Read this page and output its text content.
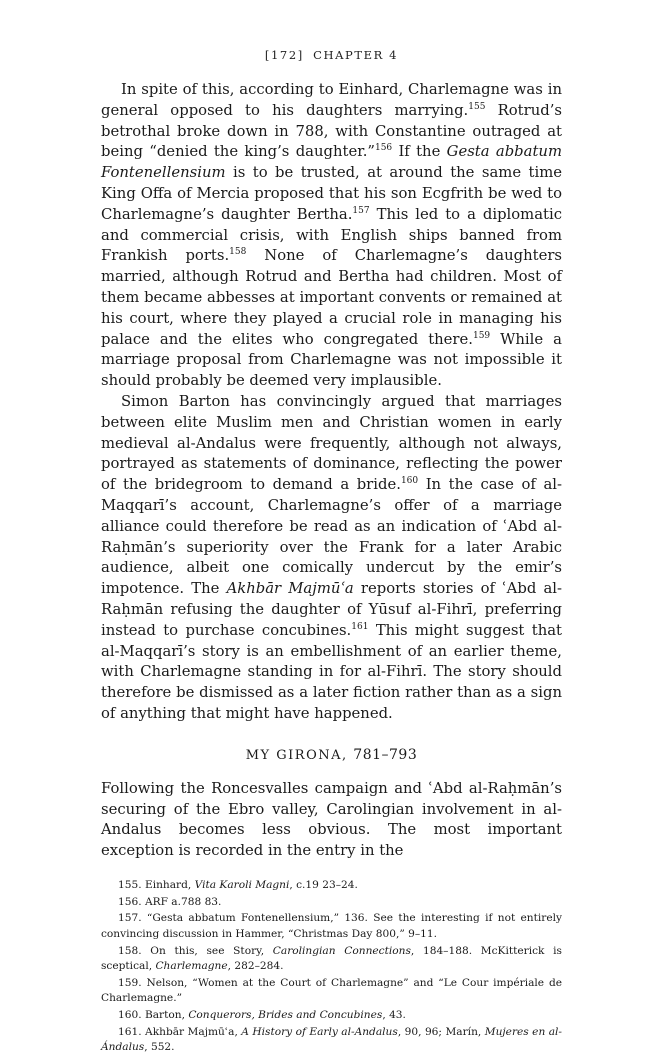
[172] CHAPTER 4

In spite of this, according to Einhard, Charlemagne was in general opposed to his daughters marrying.$^{155}$ Rotrud’s betrothal broke down in 788, with Constantine outraged at being “denied the king’s daughter.”$^{156}$ If the Gesta abbatum Fontenellensium is to be trusted, at around the same time King Offa of Mercia proposed that his son Ecgfrith be wed to Charlemagne’s daughter Bertha.$^{157}$ This led to a diplomatic and commercial crisis, with English ships banned from Frankish ports.$^{158}$ None of Charlemagne’s daughters married, although Rotrud and Bertha had children. Most of them became abbesses at important convents or remained at his court, where they played a crucial role in managing his palace and the elites who congregated there.$^{159}$ While a marriage proposal from Charlemagne was not impossible it should probably be deemed very implausible.

Simon Barton has convincingly argued that marriages between elite Muslim men and Christian women in early medieval al-Andalus were frequently, although not always, portrayed as statements of dominance, reflecting the power of the bridegroom to demand a bride.$^{160}$ In the case of al-Maqqarī’s account, Charlemagne’s offer of a marriage alliance could therefore be read as an indication of ʿAbd al-Raḥmān’s superiority over the Frank for a later Arabic audience, albeit one comically undercut by the emir’s impotence. The Akhbār Majmūʿa reports stories of ʿAbd al-Raḥmān refusing the daughter of Yūsuf al-Fihrī, preferring instead to purchase concubines.$^{161}$ This might suggest that al-Maqqarī’s story is an embellishment of an earlier theme, with Charlemagne standing in for al-Fihrī. The story should therefore be dismissed as a later fiction rather than as a sign of anything that might have happened.

MY GIRONA, 781–793

Following the Roncesvalles campaign and ʿAbd al-Raḥmān’s securing of the Ebro valley, Carolingian involvement in al-Andalus becomes less obvious. The most important exception is recorded in the entry in the

155. Einhard, Vita Karoli Magni, c.19 23–24.

156. ARF a.788 83.

157. “Gesta abbatum Fontenellensium,” 136. See the interesting if not entirely convincing discussion in Hammer, “Christmas Day 800,” 9–11.

158. On this, see Story, Carolingian Connections, 184–188. McKitterick is sceptical, Charlemagne, 282–284.

159. Nelson, “Women at the Court of Charlemagne” and “Le Cour impériale de Charlemagne.”

160. Barton, Conquerors, Brides and Concubines, 43.

161. Akhbār Majmūʿa, A History of Early al-Andalus, 90, 96; Marín, Mujeres en al-Ándalus, 552.
